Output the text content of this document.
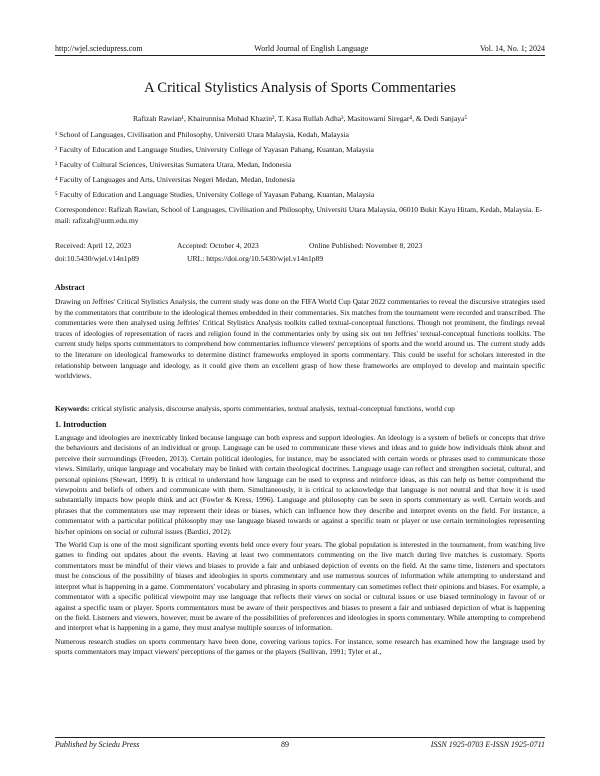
http://wjel.sciedupress.com	World Journal of English Language	Vol. 14, No. 1; 2024
A Critical Stylistics Analysis of Sports Commentaries
Rafizah Rawian¹, Khairunnisa Mohad Khazin², T. Kasa Rullah Adha³, Masitowarni Siregar⁴, & Dedi Sanjaya⁵
¹ School of Languages, Civilisation and Philosophy, Universiti Utara Malaysia, Kedah, Malaysia
² Faculty of Education and Language Studies, University College of Yayasan Pahang, Kuantan, Malaysia
³ Faculty of Cultural Sciences, Universitas Sumatera Utara, Medan, Indonesia
⁴ Faculty of Languages and Arts, Universitas Negeri Medan, Medan, Indonesia
⁵ Faculty of Education and Language Studies, University College of Yayasan Pahang, Kuantan, Malaysia
Correspondence: Rafizah Rawian, School of Languages, Civilisation and Philosophy, Universiti Utara Malaysia, 06010 Bukit Kayu Hitam, Kedah, Malaysia. E-mail: rafizah@uum.edu.my
Received: April 12, 2023	Accepted: October 4, 2023	Online Published: November 8, 2023
doi:10.5430/wjel.v14n1p89	URL: https://doi.org/10.5430/wjel.v14n1p89
Abstract
Drawing on Jeffries' Critical Stylistics Analysis, the current study was done on the FIFA World Cup Qatar 2022 commentaries to reveal the discursive strategies used by the commentators that contribute to the ideological themes embedded in their commentaries. Six matches from the tournament were recorded and transcribed. The commentaries were then analysed using Jeffries' Critical Stylistics Analysis toolkits called textual-conceptual functions. Though not prominent, the findings reveal traces of ideologies of representation of races and religion found in the commentaries only by using six out ten Jeffries' textual-conceptual functions toolkits. The current study helps sports commentators to comprehend how commentaries influence viewers' perceptions of sports and the world around us. The current study adds to the literature on ideological frameworks to determine distinct frameworks employed in sports commentary. This could be useful for scholars interested in the relationship between language and ideology, as it could give them an excellent grasp of how these frameworks are employed to develop and maintain specific worldviews.
Keywords: critical stylistic analysis, discourse analysis, sports commentaries, textual analysis, textual-conceptual functions, world cup
1. Introduction

Language and ideologies are inextricably linked because language can both express and support ideologies. An ideology is a system of beliefs or concepts that drive the behaviours and decisions of an individual or group. Language can be used to communicate these views and ideas and to guide how individuals think about and perceive their surroundings (Freeden, 2013). Certain political ideologies, for instance, may be associated with certain words or phrases used to communicate those views. Similarly, unique language and vocabulary may be linked with certain theological doctrines. Language usage can reflect and strengthen societal, cultural, and personal opinions (Stewart, 1999). It is critical to understand how language can be used to express and reinforce ideas, as this can help us better comprehend the viewpoints and beliefs of others and communicate with them. Simultaneously, it is critical to acknowledge that language is not neutral and that how it is used substantially impacts how people think and act (Fowler & Kress, 1996). Language and philosophy can be seen in sports commentary as well. Certain words and phrases that the commentators use may represent their ideas or biases, which can influence how they describe and interpret events on the field. For instance, a commentator with a particular political philosophy may use language biased towards or against a specific team or player or use certain terminologies representing his/her opinions on social or cultural issues (Bardici, 2012).

The World Cup is one of the most significant sporting events held once every four years. The global population is interested in the tournament, from watching live games to finding out updates about the events. Having at least two commentators commenting on the live match during live matches is customary. Sports commentators must be mindful of their views and biases to provide a fair and unbiased depiction of events on the field. At the same time, listeners and spectators must be conscious of the possibility of biases and ideologies in sports commentary and use numerous sources of information while attempting to understand and interpret what is happening in a game. Commentators' vocabulary and phrasing in sports commentary can sometimes reflect their opinions and biases. For example, a commentator with a specific political viewpoint may use language that reflects their views on social or cultural issues or use biased terminology in favour of or against a specific team or player. Sports commentators must be aware of their perspectives and biases to present a fair and unbiased depiction of what is happening on the field. Listeners and viewers, however, must be aware of the possibilities of preferences and ideologies in sports commentary. While attempting to comprehend and interpret what is happening in a game, they must analyse multiple sources of information.

Numerous research studies on sports commentary have been done, covering various topics. For instance, some research has examined how the language used by sports commentators may impact viewers' perceptions of the games or the players (Sullivan, 1991; Tyler et al.,

Published by Sciedu Press	89	ISSN 1925-0703 E-ISSN 1925-0711
